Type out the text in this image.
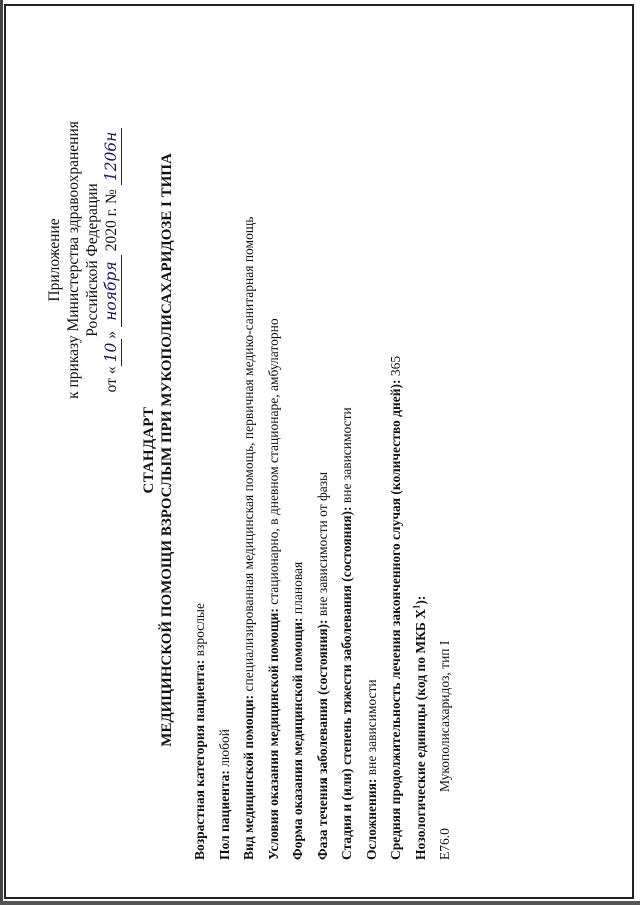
Приложение к приказу Министерства здравоохранения Российской Федерации
от «10» ноября 2020 г. № 1206н
СТАНДАРТ МЕДИЦИНСКОЙ ПОМОЩИ ВЗРОСЛЫМ ПРИ МУКОПОЛИСАХАРИДОЗЕ I ТИПА
Возрастная категория пациента: взрослые
Пол пациента: любой Вид медицинской помощи: специализированная медицинская помощь, первичная медико-санитарная помощь
Условия оказания медицинской помощи: стационарно, в дневном стационаре, амбулаторно
Форма оказания медицинской помощи: плановая
Фаза течения заболевания (состояния): вне зависимости от фазы Стадия и (или) степень тяжести заболевания (состояния): вне зависимости
Осложнения: вне зависимости Средняя продолжительность лечения законченного случая (количество дней): 365
Нозологические единицы (код по МКБ $X^1$):
E76.0Мукополисахаридоз, тип I
